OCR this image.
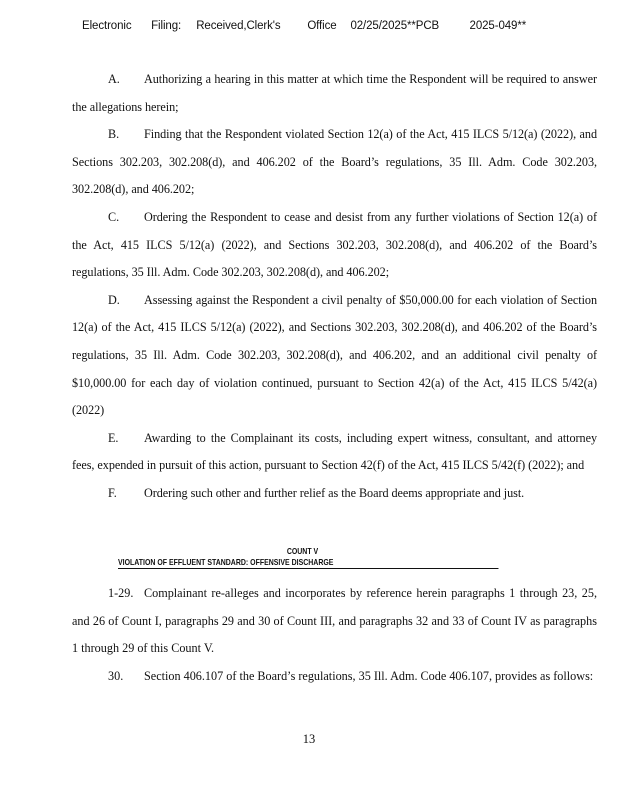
Electronic Filing: Received,Clerk's Office 02/25/2025**PCB	2025-049**

A. Authorizing a hearing in this matter at which time the Respondent will be required to answer the allegations herein;

B. Finding that the Respondent violated Section 12(a) of the Act, 415 ILCS 5/12(a) (2022), and Sections 302.203, 302.208(d), and 406.202 of the Board’s regulations, 35 Ill. Adm. Code 302.203, 302.208(d), and 406.202;

C. Ordering the Respondent to cease and desist from any further violations of Section 12(a) of the Act, 415 ILCS 5/12(a) (2022), and Sections 302.203, 302.208(d), and 406.202 of the Board’s regulations, 35 Ill. Adm. Code 302.203, 302.208(d), and 406.202;

D. Assessing against the Respondent a civil penalty of $50,000.00 for each violation of Section 12(a) of the Act, 415 ILCS 5/12(a) (2022), and Sections 302.203, 302.208(d), and 406.202 of the Board’s regulations, 35 Ill. Adm. Code 302.203, 302.208(d), and 406.202, and an additional civil penalty of $10,000.00 for each day of violation continued, pursuant to Section 42(a) of the Act, 415 ILCS 5/42(a) (2022)

E. Awarding to the Complainant its costs, including expert witness, consultant, and attorney fees, expended in pursuit of this action, pursuant to Section 42(f) of the Act, 415 ILCS 5/42(f) (2022); and

F. Ordering such other and further relief as the Board deems appropriate and just.

COUNT V
VIOLATION OF EFFLUENT STANDARD: OFFENSIVE DISCHARGE

1-29. Complainant re-alleges and incorporates by reference herein paragraphs 1 through 23, 25, and 26 of Count I, paragraphs 29 and 30 of Count III, and paragraphs 32 and 33 of Count IV as paragraphs 1 through 29 of this Count V.

30. Section 406.107 of the Board’s regulations, 35 Ill. Adm. Code 406.107, provides as follows:

13
